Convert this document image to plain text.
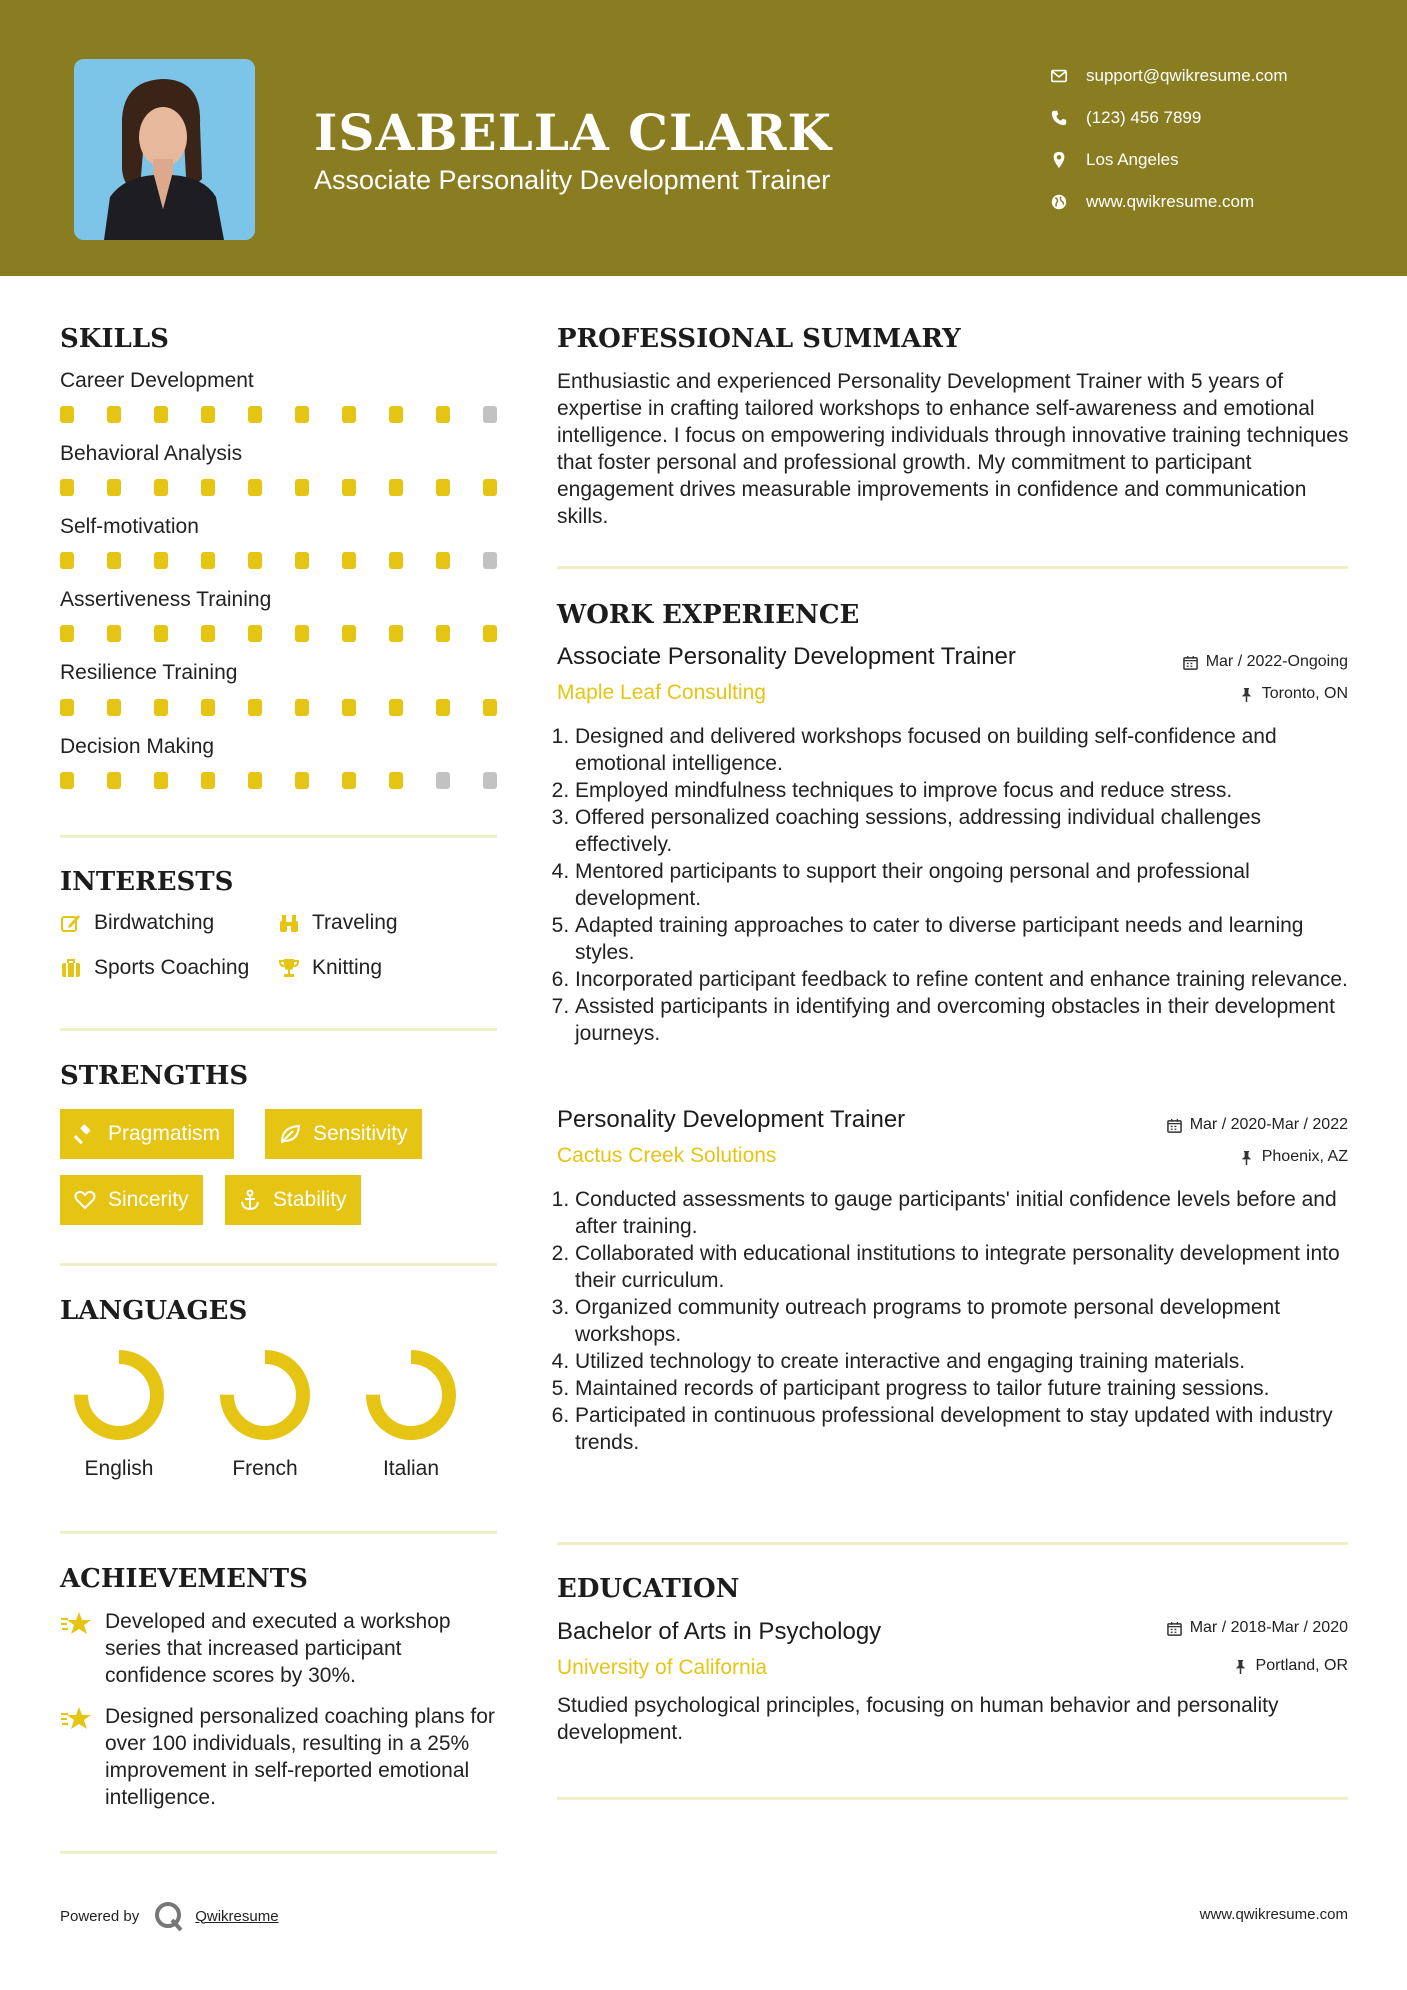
ISABELLA CLARK
Associate Personality Development Trainer
support@qwikresume.com
(123) 456 7899
Los Angeles
www.qwikresume.com
SKILLS
Career Development
Behavioral Analysis
Self-motivation
Assertiveness Training
Resilience Training
Decision Making
INTERESTS
Birdwatching	Traveling
Sports Coaching	Knitting
STRENGTHS
Pragmatism	Sensitivity
Sincerity	Stability
LANGUAGES
English	French	Italian
ACHIEVEMENTS

Developed and executed a workshop series that increased participant confidence scores by 30%.

Designed personalized coaching plans for over 100 individuals, resulting in a 25% improvement in self-reported emotional intelligence.

PROFESSIONAL SUMMARY

Enthusiastic and experienced Personality Development Trainer with 5 years of expertise in crafting tailored workshops to enhance self-awareness and emotional intelligence. I focus on empowering individuals through innovative training techniques that foster personal and professional growth. My commitment to participant engagement drives measurable improvements in confidence and communication skills.

WORK EXPERIENCE
Associate Personality Development Trainer	Mar / 2022-Ongoing
Maple Leaf Consulting	Toronto, ON
1. Designed and delivered workshops focused on building self-confidence and emotional intelligence.
2. Employed mindfulness techniques to improve focus and reduce stress.
3. Offered personalized coaching sessions, addressing individual challenges effectively.
4. Mentored participants to support their ongoing personal and professional development.
5. Adapted training approaches to cater to diverse participant needs and learning styles.
6. Incorporated participant feedback to refine content and enhance training relevance.
7. Assisted participants in identifying and overcoming obstacles in their development journeys.
Personality Development Trainer	Mar / 2020-Mar / 2022
Cactus Creek Solutions	Phoenix, AZ
1. Conducted assessments to gauge participants' initial confidence levels before and after training.
2. Collaborated with educational institutions to integrate personality development into their curriculum.
3. Organized community outreach programs to promote personal development workshops.
4. Utilized technology to create interactive and engaging training materials.
5. Maintained records of participant progress to tailor future training sessions.
6. Participated in continuous professional development to stay updated with industry trends.
EDUCATION
Bachelor of Arts in Psychology	Mar / 2018-Mar / 2020
University of California	Portland, OR

Studied psychological principles, focusing on human behavior and personality development.

Powered by	Qwikresume	www.qwikresume.com
